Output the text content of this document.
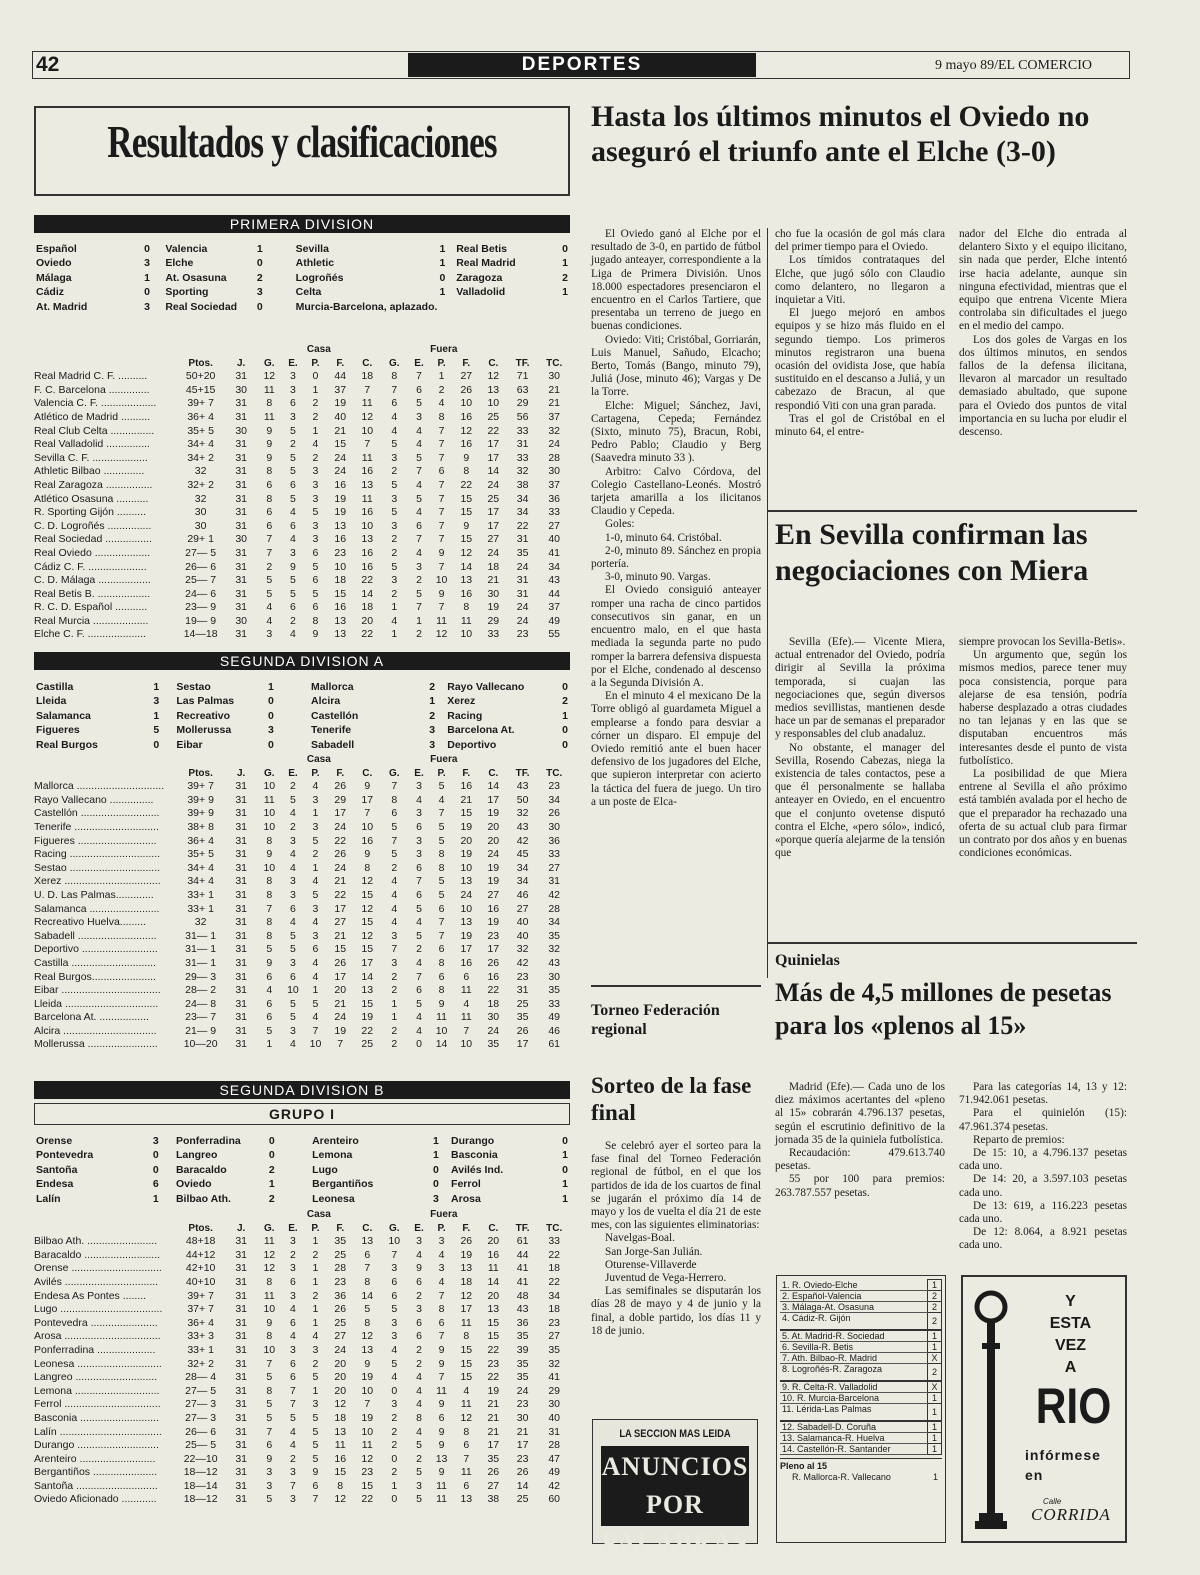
42	DEPORTES	9 mayo 89/EL COMERCIO
Resultados y clasificaciones
PRIMERA DIVISION
Español	0	Valencia	1	Sevilla	1	Real Betis	0
Oviedo	3	Elche	0	Athletic	1	Real Madrid	1
Málaga	1	At. Osasuna	2	Logroñés	0	Zaragoza	2
Cádiz	0	Sporting	3	Celta	1	Valladolid	1
At. Madrid	3	Real Sociedad	0	Murcia-Barcelona, aplazado.			
			Casa					Fuera						
	Ptos.	J.	G.	E.	P.	F.	C.	G.	E.	P.	F.	C.	TF.	TC.
Real Madrid C. F. ..........	50+20	31	12	3	0	44	18	8	7	1	27	12	71	30
F. C. Barcelona ..............	45+15	30	11	3	1	37	7	7	6	2	26	13	63	21
Valencia C. F. ...................	39+ 7	31	8	6	2	19	11	6	5	4	10	10	29	21
Atlético de Madrid ..........	36+ 4	31	11	3	2	40	12	4	3	8	16	25	56	37
Real Club Celta ...............	35+ 5	30	9	5	1	21	10	4	4	7	12	22	33	32
Real Valladolid ...............	34+ 4	31	9	2	4	15	7	5	4	7	16	17	31	24
Sevilla C. F. ...................	34+ 2	31	9	5	2	24	11	3	5	7	9	17	33	28
Athletic Bilbao ..............	32	31	8	5	3	24	16	2	7	6	8	14	32	30
Real Zaragoza ................	32+ 2	31	6	6	3	16	13	5	4	7	22	24	38	37
Atlético Osasuna ...........	32	31	8	5	3	19	11	3	5	7	15	25	34	36
R. Sporting Gijón ..........	30	31	6	4	5	19	16	5	4	7	15	17	34	33
C. D. Logroñés ...............	30	31	6	6	3	13	10	3	6	7	9	17	22	27
Real Sociedad ................	29+ 1	30	7	4	3	16	13	2	7	7	15	27	31	40
Real Oviedo ...................	27— 5	31	7	3	6	23	16	2	4	9	12	24	35	41
Cádiz C. F. ....................	26— 6	31	2	9	5	10	16	5	3	7	14	18	24	34
C. D. Málaga ..................	25— 7	31	5	5	6	18	22	3	2	10	13	21	31	43
Real Betis B. ..................	24— 6	31	5	5	5	15	14	2	5	9	16	30	31	44
R. C. D. Español ...........	23— 9	31	4	6	6	16	18	1	7	7	8	19	24	37
Real Murcia ...................	19— 9	30	4	2	8	13	20	4	1	11	11	29	24	49
Elche C. F. ....................	14—18	31	3	4	9	13	22	1	2	12	10	33	23	55
SEGUNDA DIVISION A
Castilla	1	Sestao	1	Mallorca	2	Rayo Vallecano	0
Lleida	3	Las Palmas	0	Alcira	1	Xerez	2
Salamanca	1	Recreativo	0	Castellón	2	Racing	1
Figueres	5	Mollerussa	3	Tenerife	3	Barcelona At.	0
Real Burgos	0	Eibar	0	Sabadell	3	Deportivo	0
			Casa					Fuera						
	Ptos.	J.	G.	E.	P.	F.	C.	G.	E.	P.	F.	C.	TF.	TC.
Mallorca ..............................	39+ 7	31	10	2	4	26	9	7	3	5	16	14	43	23
Rayo Vallecano ...............	39+ 9	31	11	5	3	29	17	8	4	4	21	17	50	34
Castellón ...........................	39+ 9	31	10	4	1	17	7	6	3	7	15	19	32	26
Tenerife .............................	38+ 8	31	10	2	3	24	10	5	6	5	19	20	43	30
Figueres ...........................	36+ 4	31	8	3	5	22	16	7	3	5	20	20	42	36
Racing ...............................	35+ 5	31	9	4	2	26	9	5	3	8	19	24	45	33
Sestao ...............................	34+ 4	31	10	4	1	24	8	2	6	8	10	19	34	27
Xerez .................................	34+ 4	31	8	3	4	21	12	4	7	5	13	19	34	31
U. D. Las Palmas.............	33+ 1	31	8	3	5	22	15	4	6	5	24	27	46	42
Salamanca ........................	33+ 1	31	7	6	3	17	12	4	5	6	10	16	27	28
Recreativo Huelva.........	32	31	8	4	4	27	15	4	4	7	13	19	40	34
Sabadell ...........................	31— 1	31	8	5	3	21	12	3	5	7	19	23	40	35
Deportivo ..........................	31— 1	31	5	5	6	15	15	7	2	6	17	17	32	32
Castilla .............................	31— 1	31	9	3	4	26	17	3	4	8	16	26	42	43
Real Burgos......................	29— 3	31	6	6	4	17	14	2	7	6	6	16	23	30
Eibar ..................................	28— 2	31	4	10	1	20	13	2	6	8	11	22	31	35
Lleida ................................	24— 8	31	6	5	5	21	15	1	5	9	4	18	25	33
Barcelona At. .................	23— 7	31	6	5	4	24	19	1	4	11	11	30	35	49
Alcira ................................	21— 9	31	5	3	7	19	22	2	4	10	7	24	26	46
Mollerussa ........................	10—20	31	1	4	10	7	25	2	0	14	10	35	17	61
SEGUNDA DIVISION B
GRUPO I
Orense	3	Ponferradina	0	Arenteiro	1	Durango	0
Pontevedra	0	Langreo	0	Lemona	1	Basconia	1
Santoña	0	Baracaldo	2	Lugo	0	Avilés Ind.	0
Endesa	6	Oviedo	1	Bergantiños	0	Ferrol	1
Lalín	1	Bilbao Ath.	2	Leonesa	3	Arosa	1
			Casa					Fuera						
	Ptos.	J.	G.	E.	P.	F.	C.	G.	E.	P.	F.	C.	TF.	TC.
Bilbao Ath. ........................	48+18	31	11	3	1	35	13	10	3	3	26	20	61	33
Baracaldo ..........................	44+12	31	12	2	2	25	6	7	4	4	19	16	44	22
Orense ...............................	42+10	31	12	3	1	28	7	3	9	3	13	11	41	18
Avilés ................................	40+10	31	8	6	1	23	8	6	6	4	18	14	41	22
Endesa As Pontes ........	39+ 7	31	11	3	2	36	14	6	2	7	12	20	48	34
Lugo ...................................	37+ 7	31	10	4	1	26	5	5	3	8	17	13	43	18
Pontevedra .......................	36+ 4	31	9	6	1	25	8	3	6	6	11	15	36	23
Arosa .................................	33+ 3	31	8	4	4	27	12	3	6	7	8	15	35	27
Ponferradina ....................	33+ 1	31	10	3	3	24	13	4	2	9	15	22	39	35
Leonesa .............................	32+ 2	31	7	6	2	20	9	5	2	9	15	23	35	32
Langreo ............................	28— 4	31	5	6	5	20	19	4	4	7	15	22	35	41
Lemona .............................	27— 5	31	8	7	1	20	10	0	4	11	4	19	24	29
Ferrol .................................	27— 3	31	5	7	3	12	7	3	4	9	11	21	23	30
Basconia ...........................	27— 3	31	5	5	5	18	19	2	8	6	12	21	30	40
Lalín ...................................	26— 6	31	7	4	5	13	10	2	4	9	8	21	21	31
Durango ............................	25— 5	31	6	4	5	11	11	2	5	9	6	17	17	28
Arenteiro ..........................	22—10	31	9	2	5	16	12	0	2	13	7	35	23	47
Bergantiños ......................	18—12	31	3	3	9	15	23	2	5	9	11	26	26	49
Santoña ............................	18—14	31	3	7	6	8	15	1	3	11	6	27	14	42
Oviedo Aficionado ............	18—12	31	5	3	7	12	22	0	5	11	13	38	25	60
Hasta los últimos minutos el Oviedo no aseguró el triunfo ante el Elche (3-0)

El Oviedo ganó al Elche por el resultado de 3-0, en partido de fútbol jugado anteayer, correspondiente a la Liga de Primera División. Unos 18.000 espectadores presenciaron el encuentro en el Carlos Tartiere, que presentaba un terreno de juego en buenas condiciones.

Oviedo: Viti; Cristóbal, Gorriarán, Luis Manuel, Sañudo, Elcacho; Berto, Tomás (Bango, minuto 79), Juliá (Jose, minuto 46); Vargas y De la Torre.

Elche: Miguel; Sánchez, Javi, Cartagena, Cepeda; Fernández (Sixto, minuto 75), Bracun, Robi, Pedro Pablo; Claudio y Berg (Saavedra minuto 33 ).

Arbitro: Calvo Córdova, del Colegio Castellano-Leonés. Mostró tarjeta amarilla a los ilicitanos Claudio y Cepeda.

Goles:

1-0, minuto 64. Cristóbal.

2-0, minuto 89. Sánchez en propia portería.

3-0, minuto 90. Vargas.

El Oviedo consiguió anteayer romper una racha de cinco partidos consecutivos sin ganar, en un encuentro malo, en el que hasta mediada la segunda parte no pudo romper la barrera defensiva dispuesta por el Elche, condenado al descenso a la Segunda División A.

En el minuto 4 el mexicano De la Torre obligó al guardameta Miguel a emplearse a fondo para desviar a córner un disparo. El empuje del Oviedo remitió ante el buen hacer defensivo de los jugadores del Elche, que supieron interpretar con acierto la táctica del fuera de juego. Un tiro a un poste de Elca-

cho fue la ocasión de gol más clara del primer tiempo para el Oviedo.

Los tímidos contrataques del Elche, que jugó sólo con Claudio como delantero, no llegaron a inquietar a Viti.

El juego mejoró en ambos equipos y se hizo más fluido en el segundo tiempo. Los primeros minutos registraron una buena ocasión del ovidista Jose, que había sustituido en el descanso a Juliá, y un cabezazo de Bracun, al que respondió Viti con una gran parada.

Tras el gol de Cristóbal en el minuto 64, el entre-

nador del Elche dio entrada al delantero Sixto y el equipo ilicitano, sin nada que perder, Elche intentó irse hacia adelante, aunque sin ninguna efectividad, mientras que el equipo que entrena Vicente Miera controlaba sin dificultades el juego en el medio del campo.

Los dos goles de Vargas en los dos últimos minutos, en sendos fallos de la defensa ilicitana, llevaron al marcador un resultado demasiado abultado, que supone para el Oviedo dos puntos de vital importancia en su lucha por eludir el descenso.

Torneo Federación regional
Sorteo de la fase final

Se celebró ayer el sorteo para la fase final del Torneo Federación regional de fútbol, en el que los partidos de ida de los cuartos de final se jugarán el próximo día 14 de mayo y los de vuelta el día 21 de este mes, con las siguientes eliminatorias:

Navelgas-Boal.

San Jorge-San Julián.

Oturense-Villaverde

Juventud de Vega-Herrero.

Las semifinales se disputarán los días 28 de mayo y 4 de junio y la final, a doble partido, los días 11 y 18 de junio.

LA SECCION MAS LEIDA
ANUNCIOS POR PALABRAS
En Sevilla confirman las negociaciones con Miera

Sevilla (Efe).— Vicente Miera, actual entrenador del Oviedo, podría dirigir al Sevilla la próxima temporada, si cuajan las negociaciones que, según diversos medios sevillistas, mantienen desde hace un par de semanas el preparador y responsables del club anadaluz.

No obstante, el manager del Sevilla, Rosendo Cabezas, niega la existencia de tales contactos, pese a que él personalmente se hallaba anteayer en Oviedo, en el encuentro que el conjunto ovetense disputó contra el Elche, «pero sólo», indicó, «porque quería alejarme de la tensión que

siempre provocan los Sevilla-Betis».

Un argumento que, según los mismos medios, parece tener muy poca consistencia, porque para alejarse de esa tensión, podría haberse desplazado a otras ciudades no tan lejanas y en las que se disputaban encuentros más interesantes desde el punto de vista futbolístico.

La posibilidad de que Miera entrene al Sevilla el año próximo está también avalada por el hecho de que el preparador ha rechazado una oferta de su actual club para firmar un contrato por dos años y en buenas condiciones económicas.

Quinielas
Más de 4,5 millones de pesetas para los «plenos al 15»

Madrid (Efe).— Cada uno de los diez máximos acertantes del «pleno al 15» cobrarán 4.796.137 pesetas, según el escrutinio definitivo de la jornada 35 de la quiniela futbolística.

Recaudación: 479.613.740 pesetas.

55 por 100 para premios: 263.787.557 pesetas.

Para las categorías 14, 13 y 12: 71.942.061 pesetas.

Para el quinielón (15): 47.961.374 pesetas.

Reparto de premios:

De 15: 10, a 4.796.137 pesetas cada uno.

De 14: 20, a 3.597.103 pesetas cada uno.

De 13: 619, a 116.223 pesetas cada uno.

De 12: 8.064, a 8.921 pesetas cada uno.

1. R. Oviedo-Elche	1
2. Español-Valencia	2
3. Málaga-At. Osasuna	2
4. Cádiz-R. Gijón	2
5. At. Madrid-R. Sociedad	1
6. Sevilla-R. Betis	1
7. Ath. Bilbao-R. Madrid	X
8. Logroñés-R. Zaragoza	2
9. R. Celta-R. Valladolid	X
10. R. Murcia-Barcelona	1
11. Lérida-Las Palmas	1
12. Sabadell-D. Coruña	1
13. Salamanca-R. Huelva	1
14. Castellón-R. Santander	1
Pleno al 15
R. Mallorca-R. Vallecano	1
Y
ESTA
VEZ
A
RIO
infórmese
en
Calle
CORRIDA
